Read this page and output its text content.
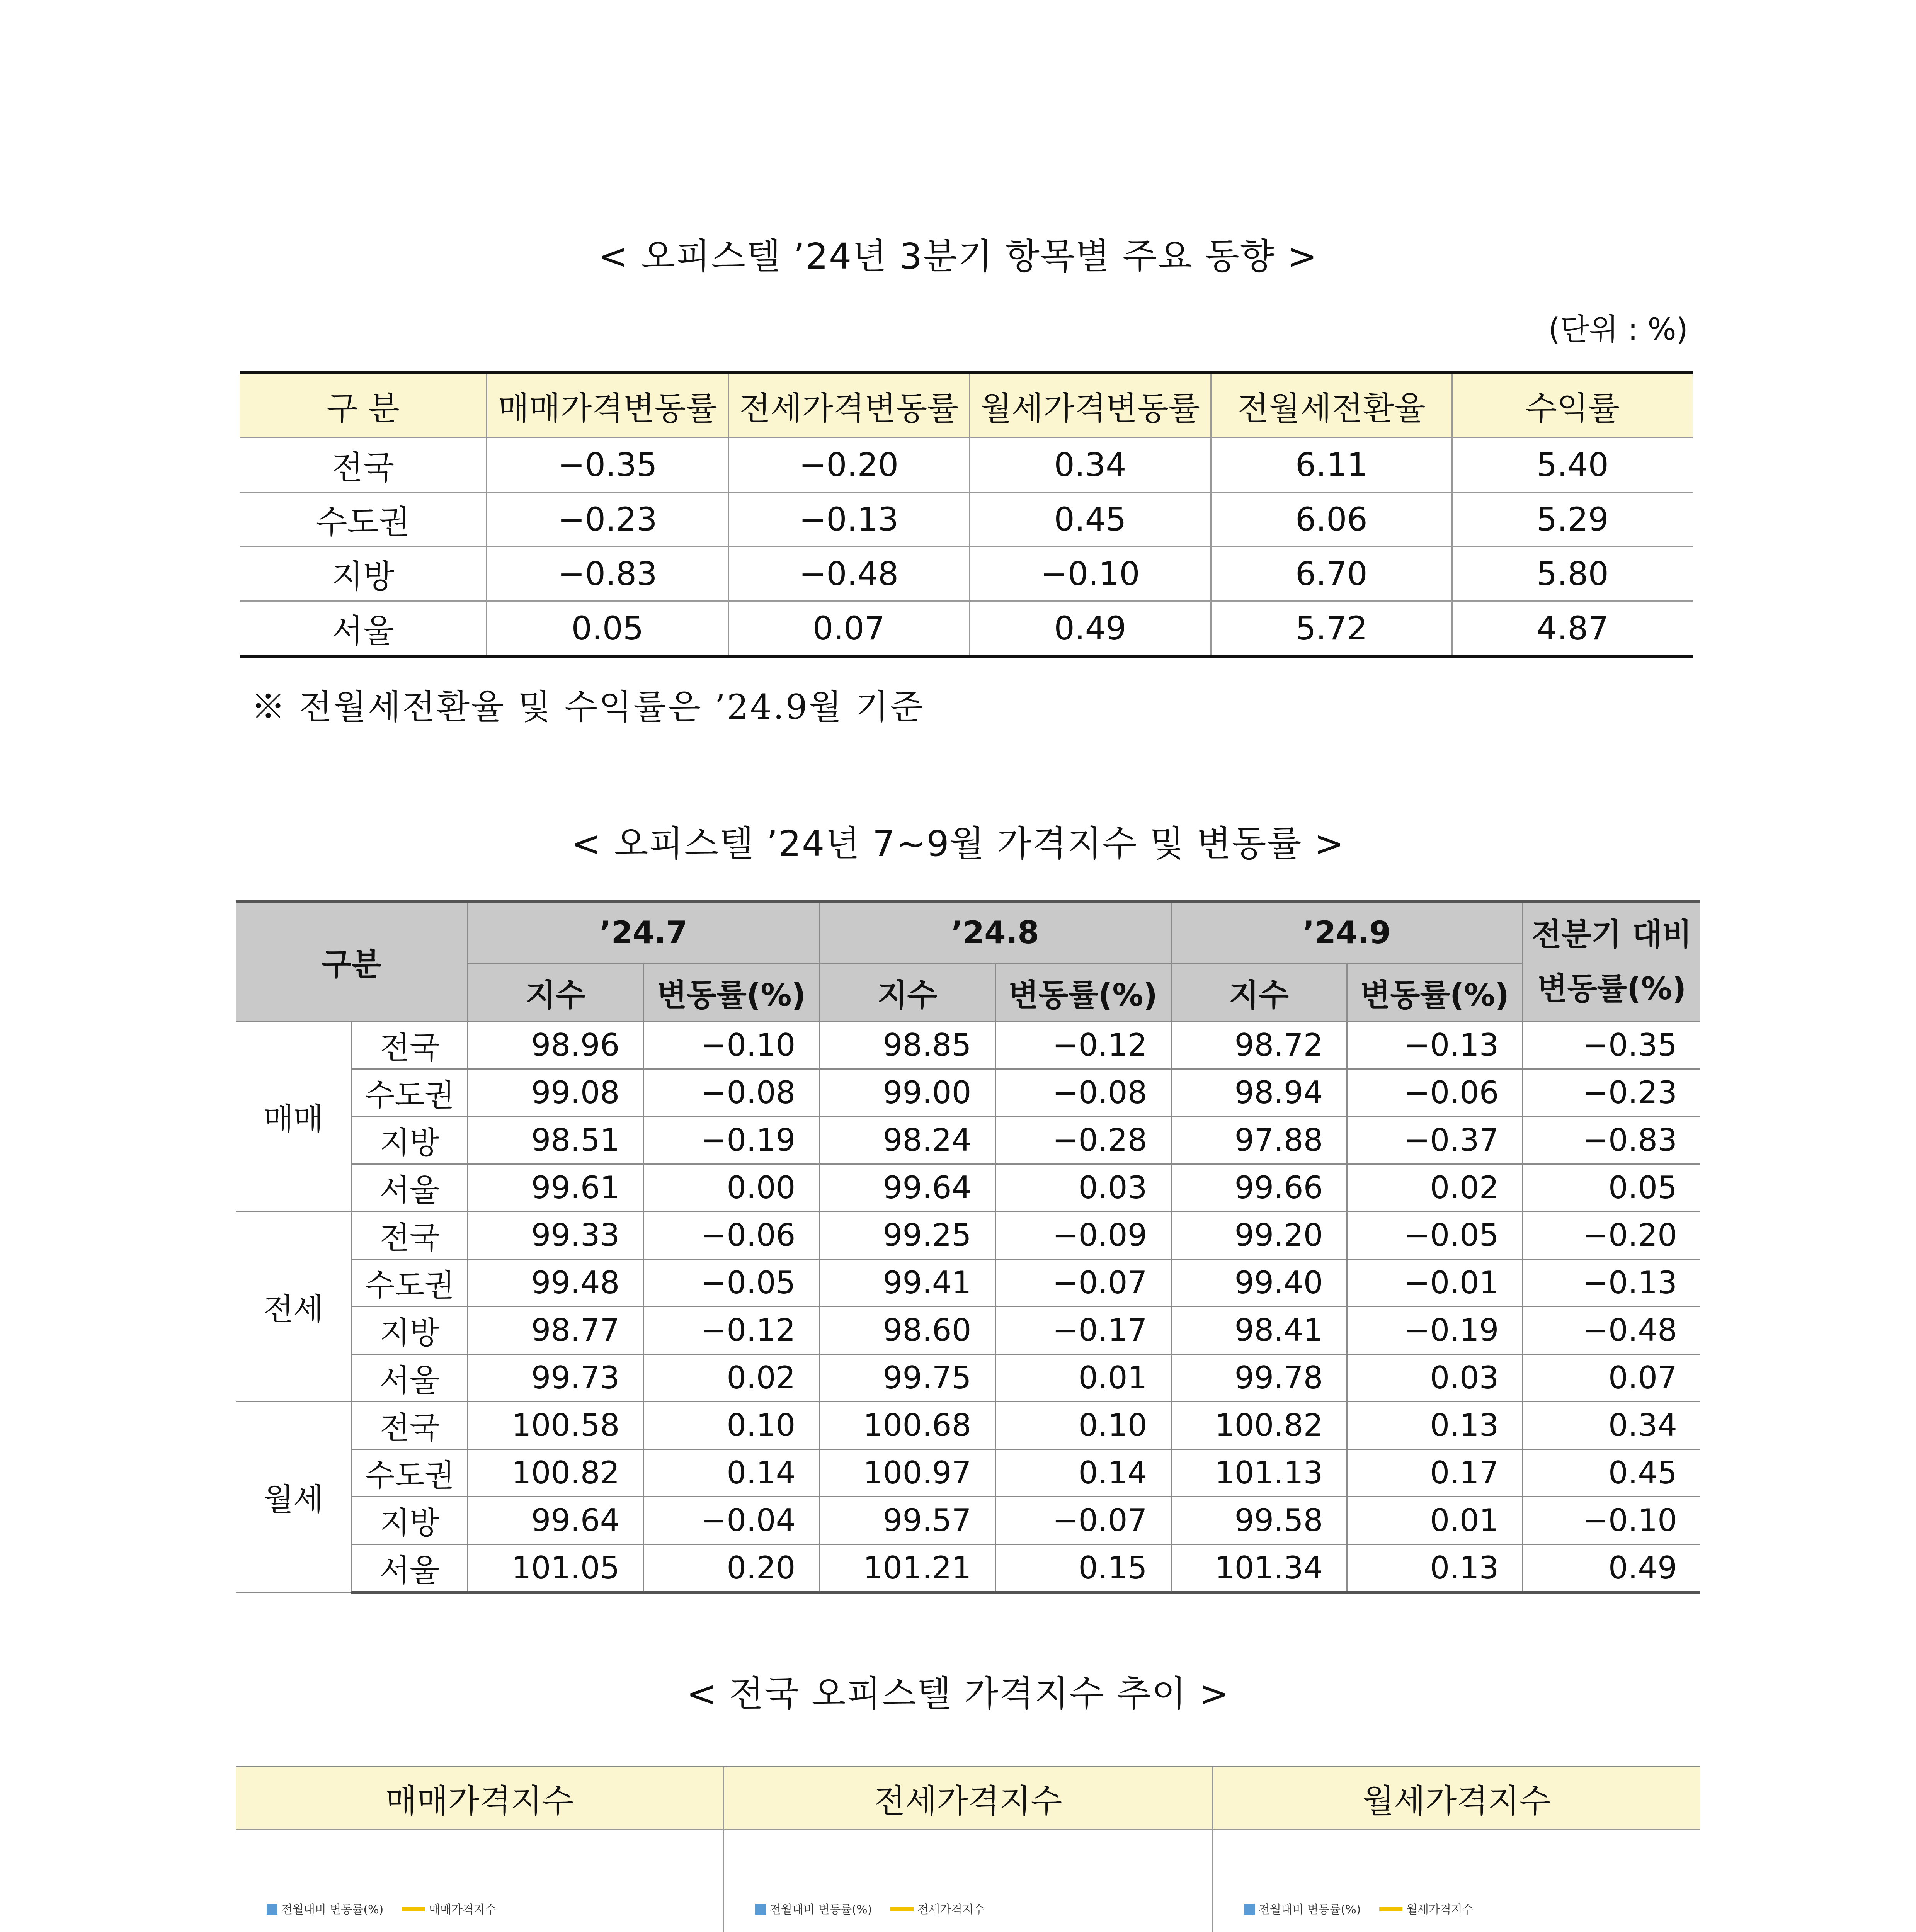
< 오피스텔 ’24년 3분기 항목별 주요 동향 >
(단위 : %)
구 분	매매가격변동률	전세가격변동률	월세가격변동률	전월세전환율	수익률
전국	−0.35	−0.20	0.34	6.11	5.40
수도권	−0.23	−0.13	0.45	6.06	5.29
지방	−0.83	−0.48	−0.10	6.70	5.80
서울	0.05	0.07	0.49	5.72	4.87
※ 전월세전환율 및 수익률은 ’24.9월 기준
< 오피스텔 ’24년 7~9월 가격지수 및 변동률 >
구분		’24.7		’24.8		’24.9		전분기 대비
변동률(%)
		지수	변동률(%)	지수	변동률(%)	지수	변동률(%)	
매매	전국	98.96	−0.10	98.85	−0.12	98.72	−0.13	−0.35
	수도권	99.08	−0.08	99.00	−0.08	98.94	−0.06	−0.23
	지방	98.51	−0.19	98.24	−0.28	97.88	−0.37	−0.83
	서울	99.61	0.00	99.64	0.03	99.66	0.02	0.05
전세	전국	99.33	−0.06	99.25	−0.09	99.20	−0.05	−0.20
	수도권	99.48	−0.05	99.41	−0.07	99.40	−0.01	−0.13
	지방	98.77	−0.12	98.60	−0.17	98.41	−0.19	−0.48
	서울	99.73	0.02	99.75	0.01	99.78	0.03	0.07
월세	전국	100.58	0.10	100.68	0.10	100.82	0.13	0.34
	수도권	100.82	0.14	100.97	0.14	101.13	0.17	0.45
	지방	99.64	−0.04	99.57	−0.07	99.58	0.01	−0.10
	서울	101.05	0.20	101.21	0.15	101.34	0.13	0.49
< 전국 오피스텔 가격지수 추이 >
매매가격지수	전세가격지수	월세가격지수
전월대비 변동률(%)	매매가격지수	전월대비 변동률(%)	전세가격지수	전월대비 변동률(%)	월세가격지수
